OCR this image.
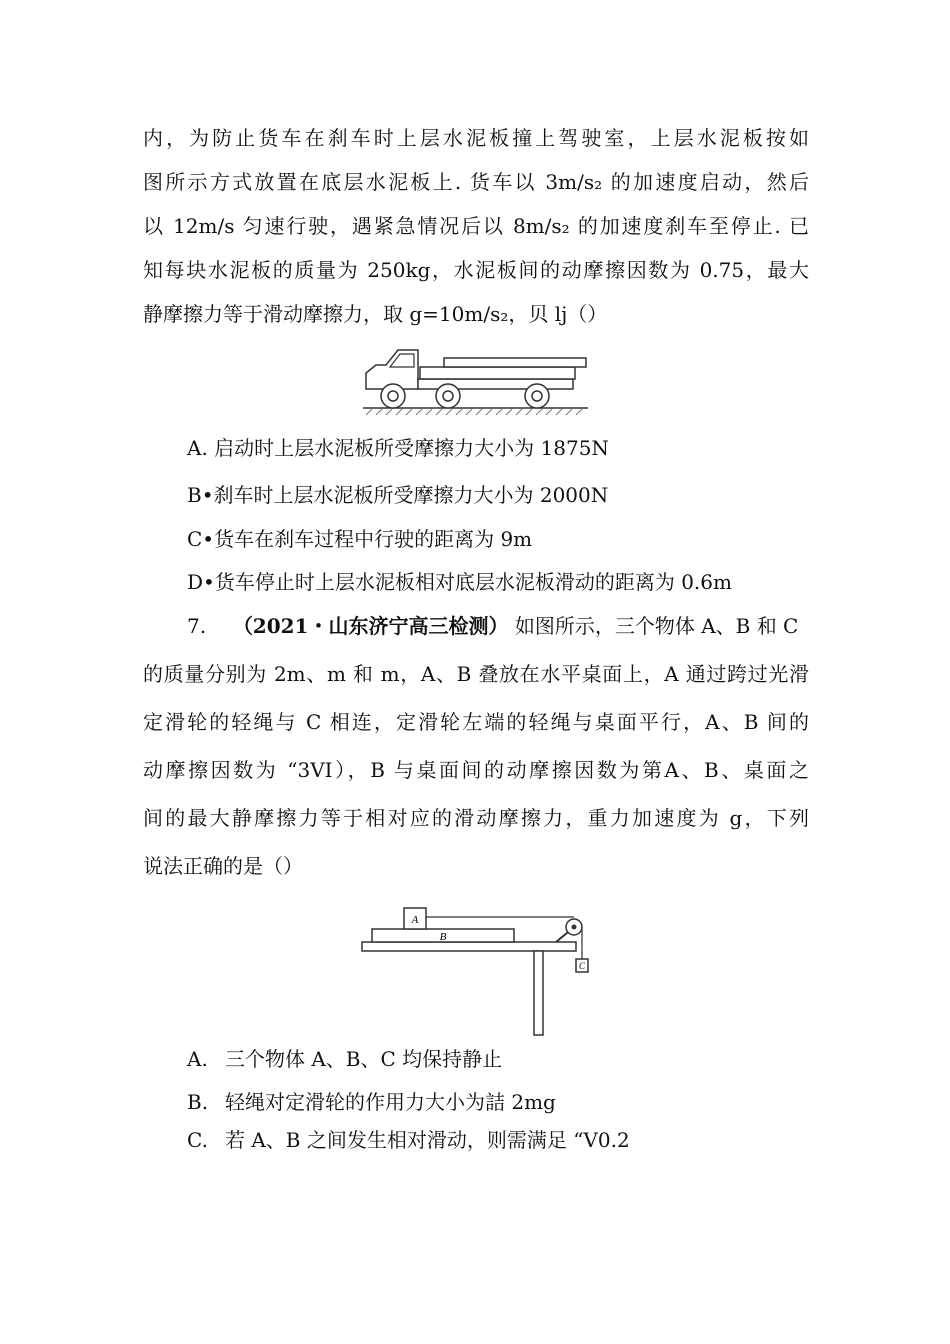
内，为防止货车在刹车时上层水泥板撞上驾驶室，上层水泥板按如
图所示方式放置在底层水泥板上. 货车以 3m/s₂ 的加速度启动，然后
以 12m/s 匀速行驶，遇紧急情况后以 8m/s₂ 的加速度刹车至停止. 已
知每块水泥板的质量为 250kg，水泥板间的动摩擦因数为 0.75，最大
静摩擦力等于滑动摩擦力，取 g=10m/s₂，贝 lj（）
A. 启动时上层水泥板所受摩擦力大小为 1875N
B•刹车时上层水泥板所受摩擦力大小为 2000N
C•货车在刹车过程中行驶的距离为 9m
D•货车停止时上层水泥板相对底层水泥板滑动的距离为 0.6m
7. （2021・山东济宁高三检测） 如图所示，三个物体 A、B 和 C
的质量分别为 2m、m 和 m，A、B 叠放在水平桌面上，A 通过跨过光滑
定滑轮的轻绳与 C 相连，定滑轮左端的轻绳与桌面平行，A、B 间的
动摩擦因数为 “3VI），B 与桌面间的动摩擦因数为第A、B、桌面之
间的最大静摩擦力等于相对应的滑动摩擦力，重力加速度为 g，下列
说法正确的是（）
B
A
C
A. 三个物体 A、B、C 均保持静止
B. 轻绳对定滑轮的作用力大小为詰 2mg
C. 若 A、B 之间发生相对滑动，则需满足 “V0.2
